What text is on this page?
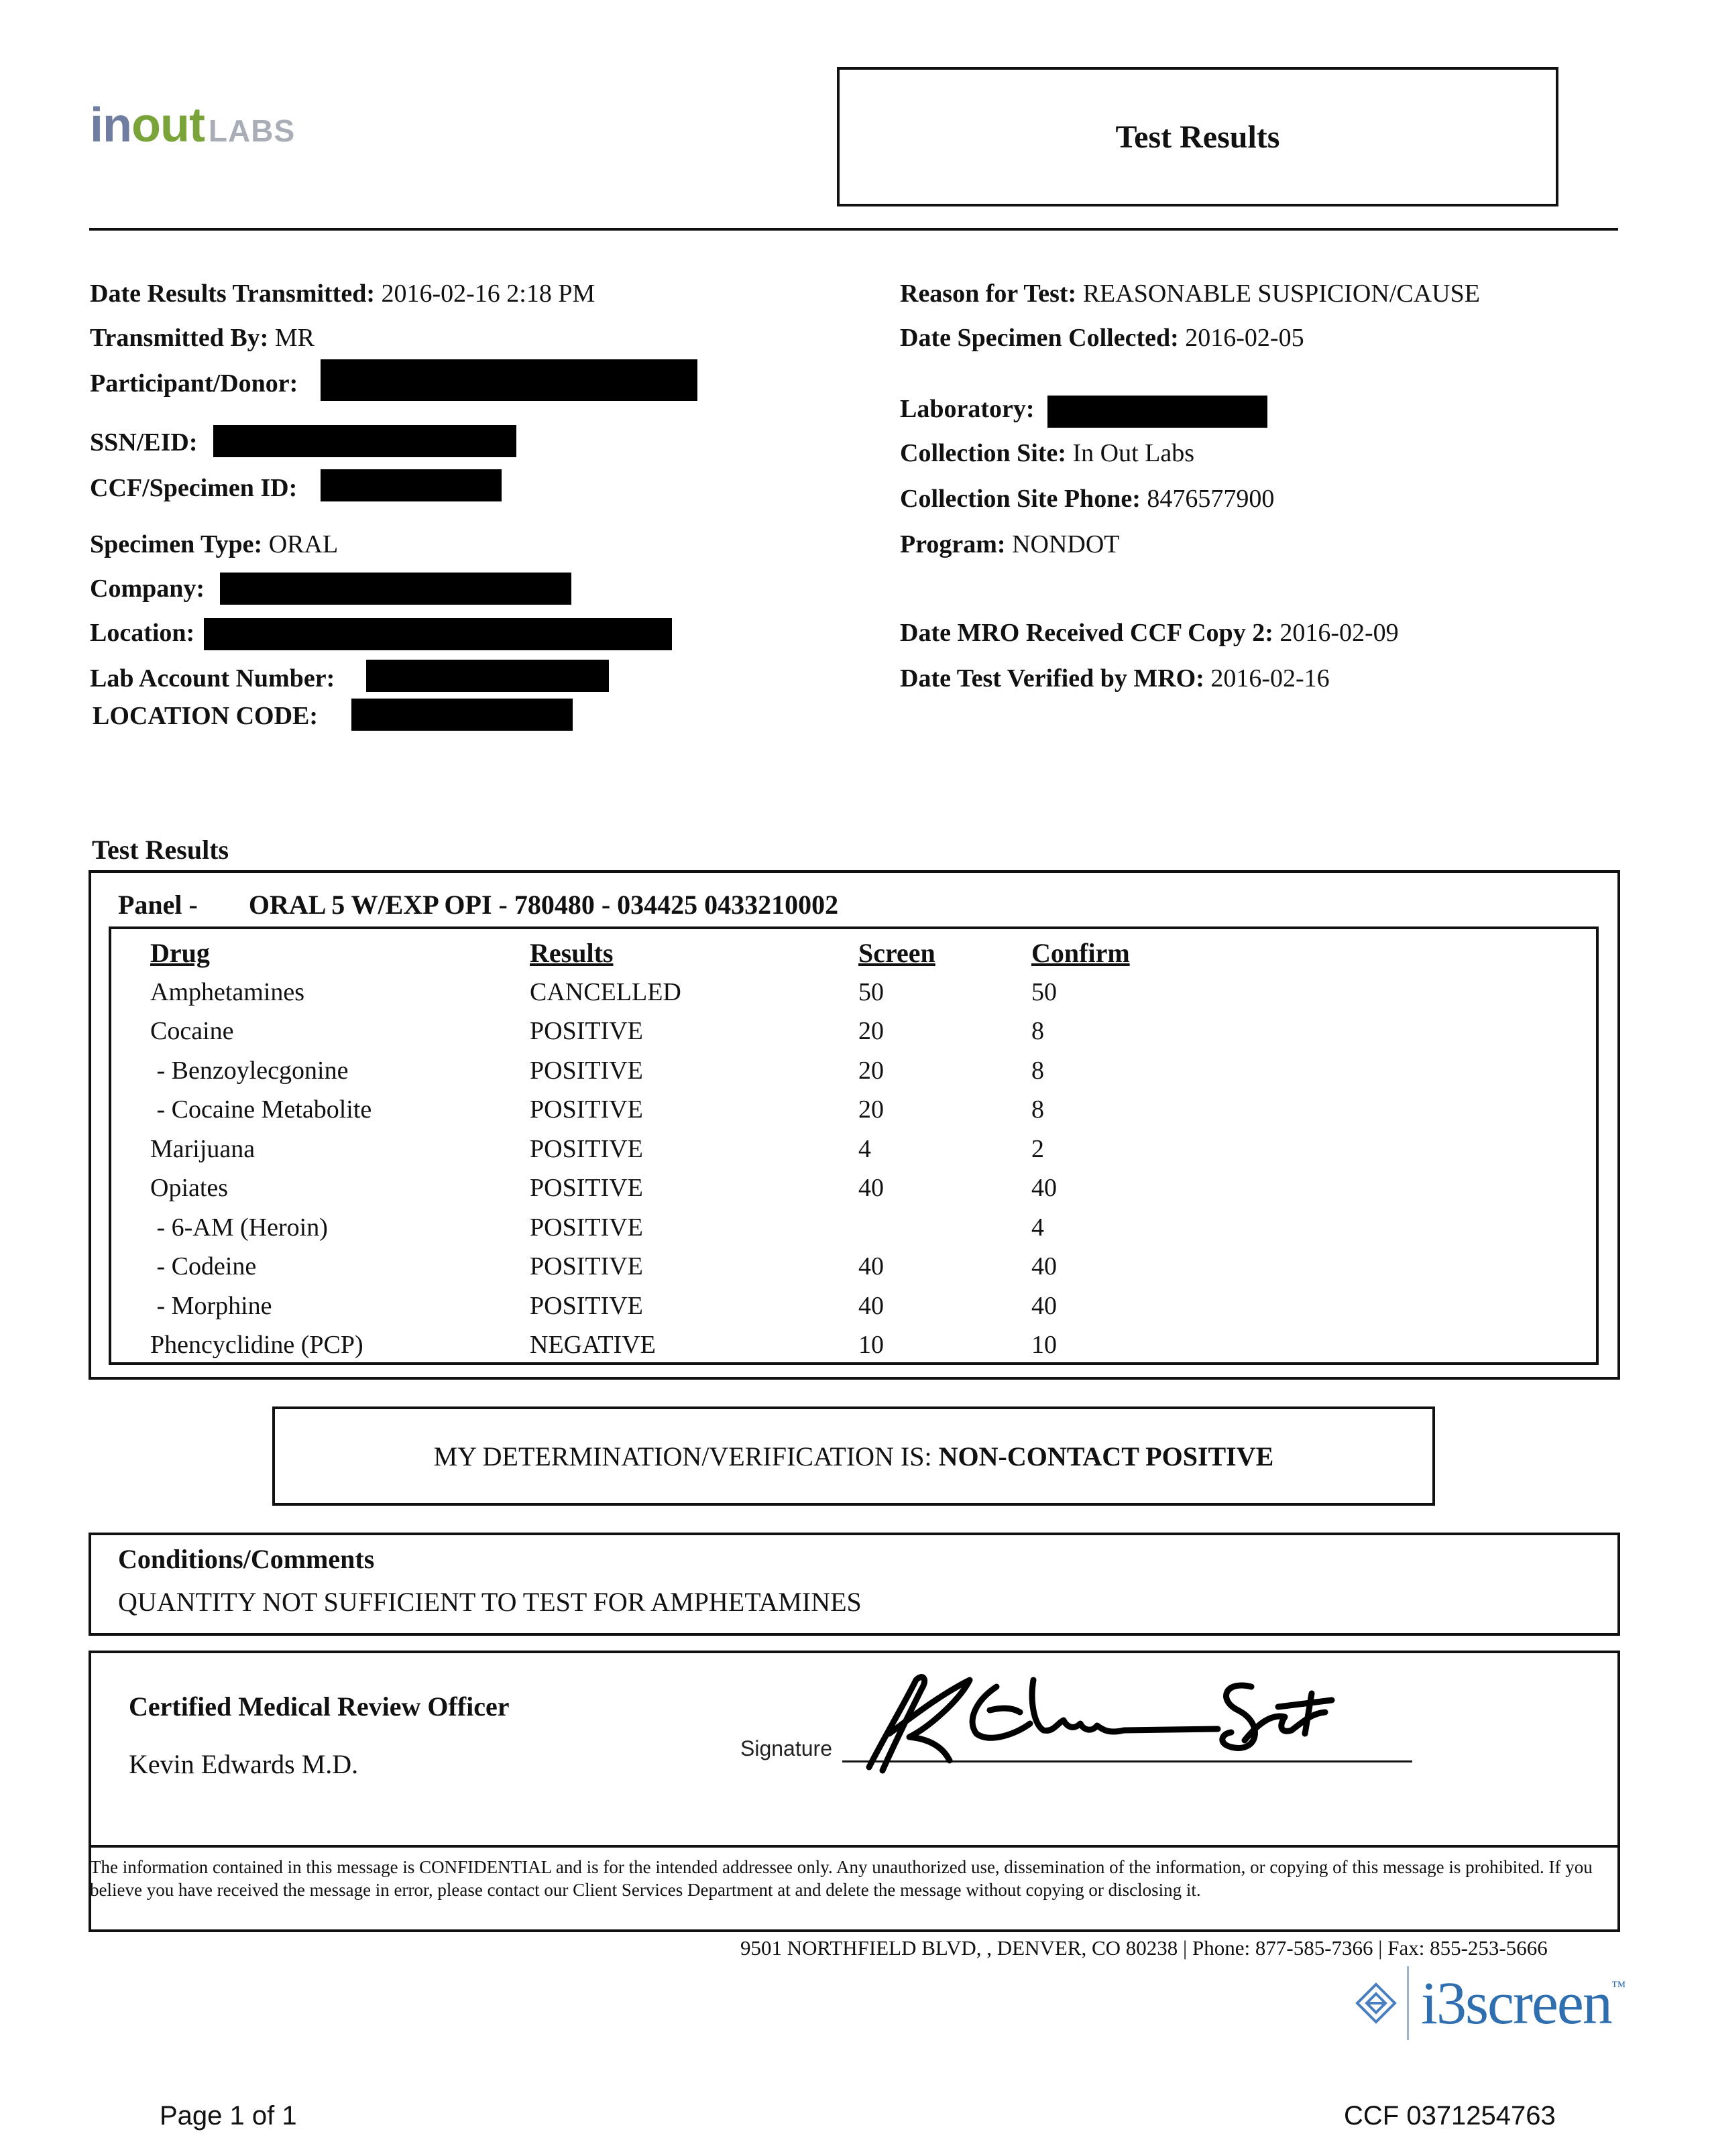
in out LABS	Test Results
Date Results Transmitted: 2016-02-16 2:18 PM
Transmitted By: MR
Participant/Donor:
SSN/EID:
CCF/Specimen ID:
Specimen Type: ORAL
Company:
Location:
Lab Account Number:
LOCATION CODE:
Reason for Test: REASONABLE SUSPICION/CAUSE
Date Specimen Collected: 2016-02-05
Laboratory:
Collection Site: In Out Labs
Collection Site Phone: 8476577900
Program: NONDOT
Date MRO Received CCF Copy 2: 2016-02-09
Date Test Verified by MRO: 2016-02-16
Test Results
Panel - ORAL 5 W/EXP OPI - 780480 - 034425 0433210002
Drug	Results	Screen	Confirm
Amphetamines	CANCELLED	50	50
Cocaine	POSITIVE	20	8
- Benzoylecgonine	POSITIVE	20	8
- Cocaine Metabolite	POSITIVE	20	8
Marijuana	POSITIVE	4	2
Opiates	POSITIVE	40	40
- 6-AM (Heroin)	POSITIVE		4
- Codeine	POSITIVE	40	40
- Morphine	POSITIVE	40	40
Phencyclidine (PCP)	NEGATIVE	10	10
MY DETERMINATION/VERIFICATION IS: NON-CONTACT POSITIVE
Conditions/Comments
QUANTITY NOT SUFFICIENT TO TEST FOR AMPHETAMINES
Certified Medical Review Officer
Kevin Edwards M.D.
Signature
The information contained in this message is CONFIDENTIAL and is for the intended addressee only. Any unauthorized use, dissemination of the information, or copying of this message is prohibited. If you believe you have received the message in error, please contact our Client Services Department at and delete the message without copying or disclosing it.
9501 NORTHFIELD BLVD, , DENVER, CO 80238 | Phone: 877-585-7366 | Fax: 855-253-5666
i3screen ™
Page 1 of 1	CCF 0371254763
